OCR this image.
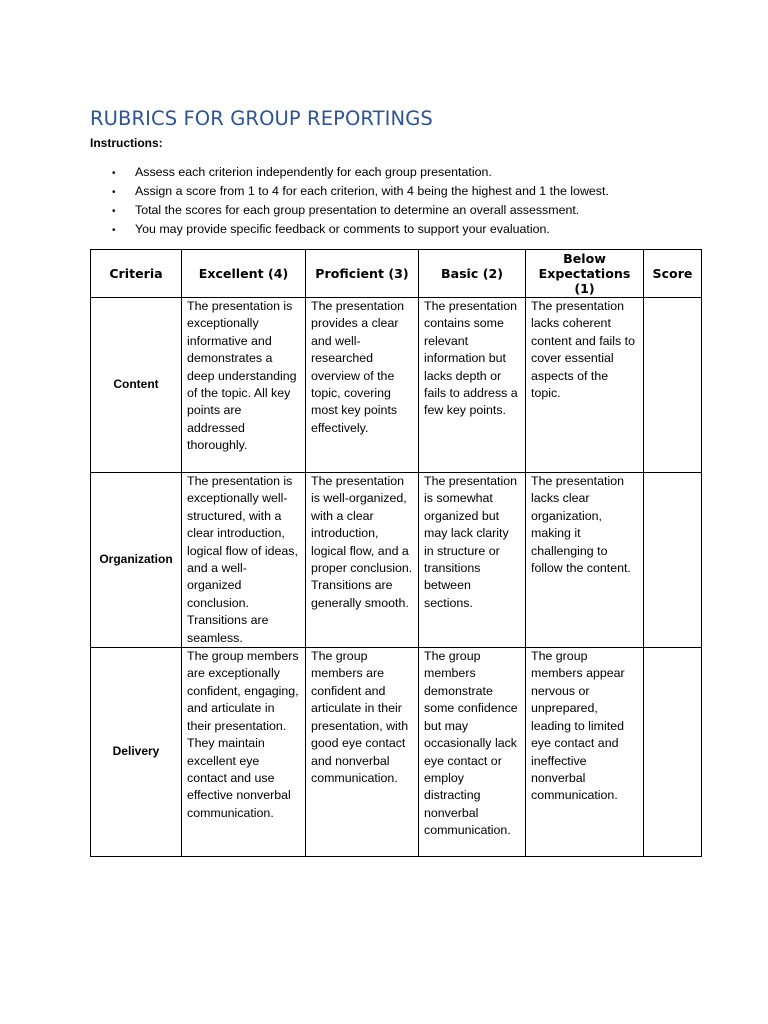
RUBRICS FOR GROUP REPORTINGS

Instructions:

• Assess each criterion independently for each group presentation.
• Assign a score from 1 to 4 for each criterion, with 4 being the highest and 1 the lowest.
• Total the scores for each group presentation to determine an overall assessment.
• You may provide specific feedback or comments to support your evaluation.
Criteria	Excellent (4)	Proficient (3)	Basic (2)	Below Expectations (1)	Score
Content	The presentation is exceptionally informative and demonstrates a deep understanding of the topic. All key points are addressed thoroughly.	The presentation provides a clear and well-researched overview of the topic, covering most key points effectively.	The presentation contains some relevant information but lacks depth or fails to address a few key points.	The presentation lacks coherent content and fails to cover essential aspects of the topic.	
Organization	The presentation is exceptionally well-structured, with a clear introduction, logical flow of ideas, and a well-organized conclusion. Transitions are seamless.	The presentation is well-organized, with a clear introduction, logical flow, and a proper conclusion. Transitions are generally smooth.	The presentation is somewhat organized but may lack clarity in structure or transitions between sections.	The presentation lacks clear organization, making it challenging to follow the content.	
Delivery	The group members are exceptionally confident, engaging, and articulate in their presentation. They maintain excellent eye contact and use effective nonverbal communication.	The group members are confident and articulate in their presentation, with good eye contact and nonverbal communication.	The group members demonstrate some confidence but may occasionally lack eye contact or employ distracting nonverbal communication.	The group members appear nervous or unprepared, leading to limited eye contact and ineffective nonverbal communication.	
